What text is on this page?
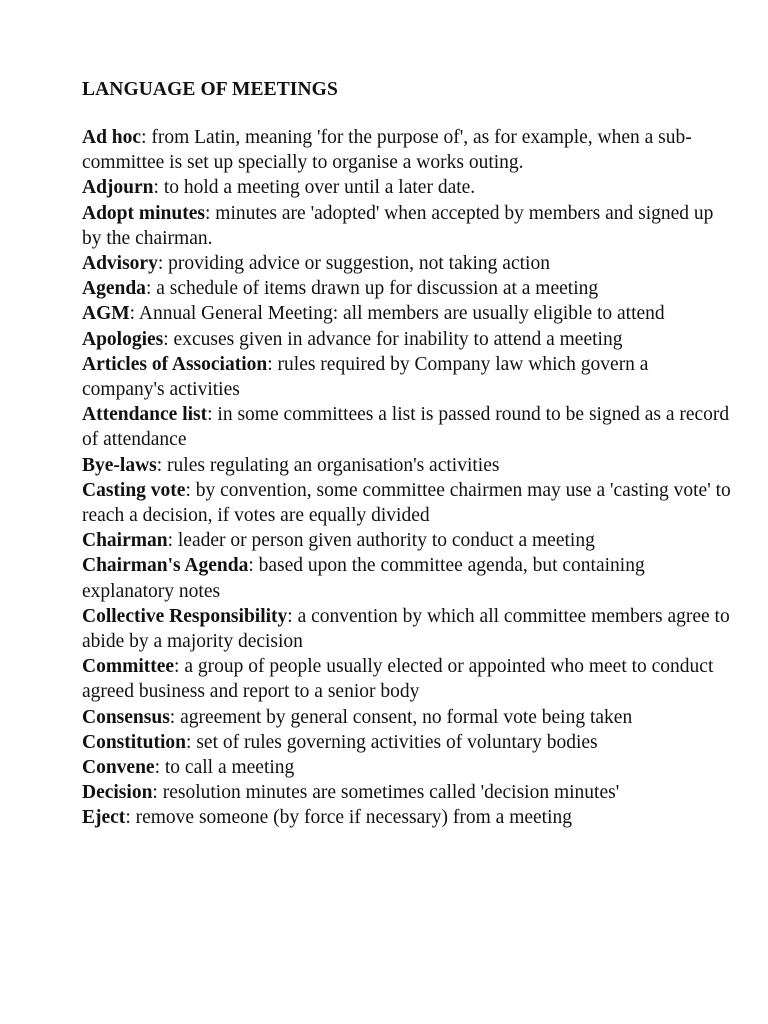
LANGUAGE OF MEETINGS

Ad hoc: from Latin, meaning 'for the purpose of', as for example, when a sub-committee is set up specially to organise a works outing.

Adjourn: to hold a meeting over until a later date.

Adopt minutes: minutes are 'adopted' when accepted by members and signed up by the chairman.

Advisory: providing advice or suggestion, not taking action

Agenda: a schedule of items drawn up for discussion at a meeting

AGM: Annual General Meeting: all members are usually eligible to attend

Apologies: excuses given in advance for inability to attend a meeting

Articles of Association: rules required by Company law which govern a company's activities

Attendance list: in some committees a list is passed round to be signed as a record of attendance

Bye-laws: rules regulating an organisation's activities

Casting vote: by convention, some committee chairmen may use a 'casting vote' to reach a decision, if votes are equally divided

Chairman: leader or person given authority to conduct a meeting

Chairman's Agenda: based upon the committee agenda, but containing explanatory notes

Collective Responsibility: a convention by which all committee members agree to abide by a majority decision

Committee: a group of people usually elected or appointed who meet to conduct agreed business and report to a senior body

Consensus: agreement by general consent, no formal vote being taken

Constitution: set of rules governing activities of voluntary bodies

Convene: to call a meeting

Decision: resolution minutes are sometimes called 'decision minutes'

Eject: remove someone (by force if necessary) from a meeting
